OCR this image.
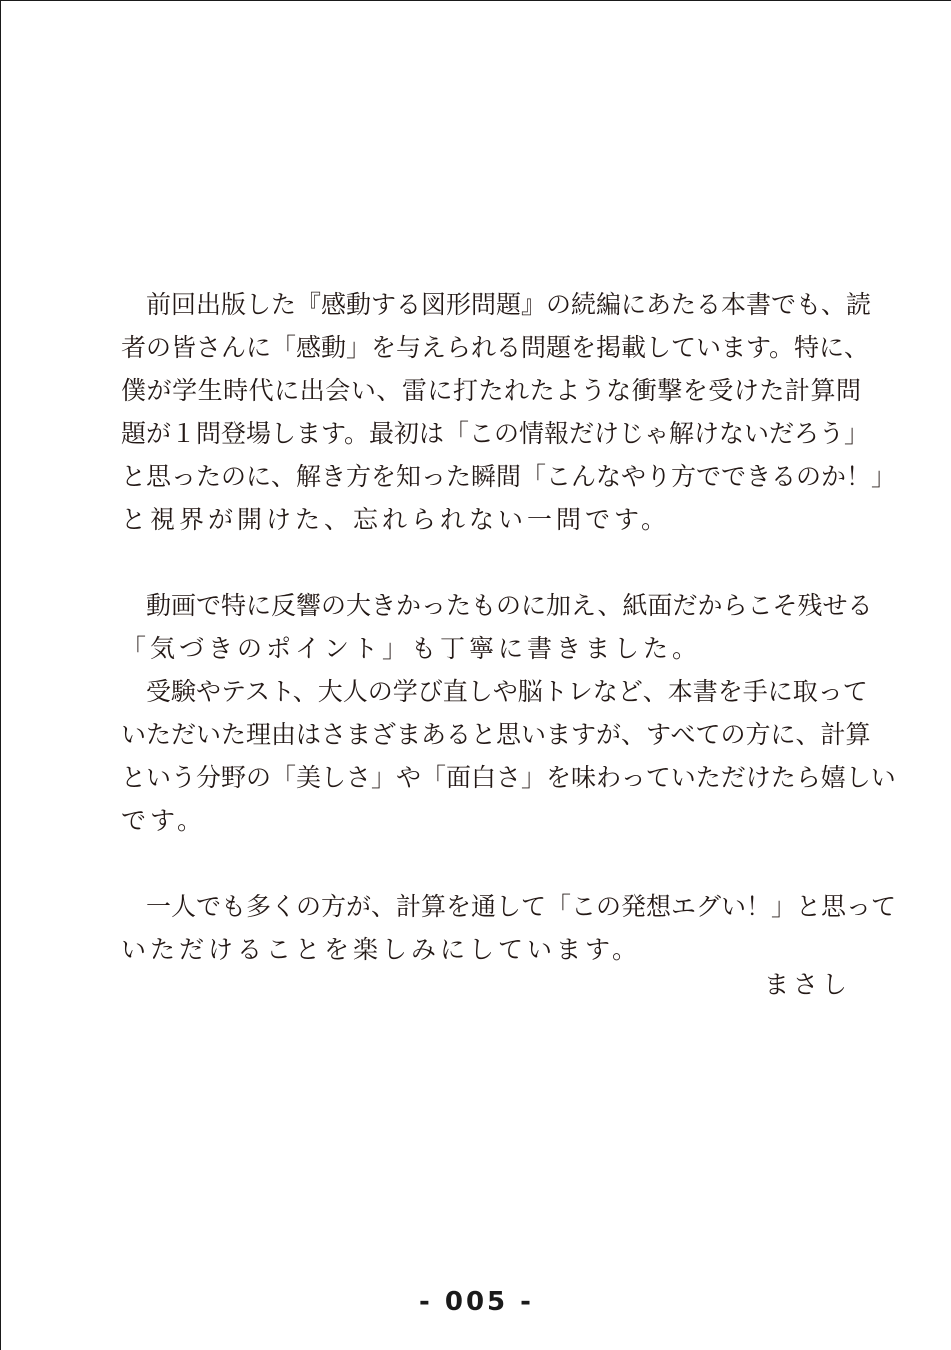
　前回出版した『感動する図形問題』の続編にあたる本書でも、読
者の皆さんに「感動」を与えられる問題を掲載しています。特に、
僕が学生時代に出会い、雷に打たれたような衝撃を受けた計算問
題が１問登場します。最初は「この情報だけじゃ解けないだろう」
と思ったのに、解き方を知った瞬間「こんなやり方でできるのか！」
と視界が開けた、忘れられない一問です。
　動画で特に反響の大きかったものに加え、紙面だからこそ残せる
「気づきのポイント」も丁寧に書きました。
　受験やテスト、大人の学び直しや脳トレなど、本書を手に取って
いただいた理由はさまざまあると思いますが、すべての方に、計算
という分野の「美しさ」や「面白さ」を味わっていただけたら嬉しい
です。
　一人でも多くの方が、計算を通して「この発想エグい！」と思って
いただけることを楽しみにしています。
まさし
- 005 -
